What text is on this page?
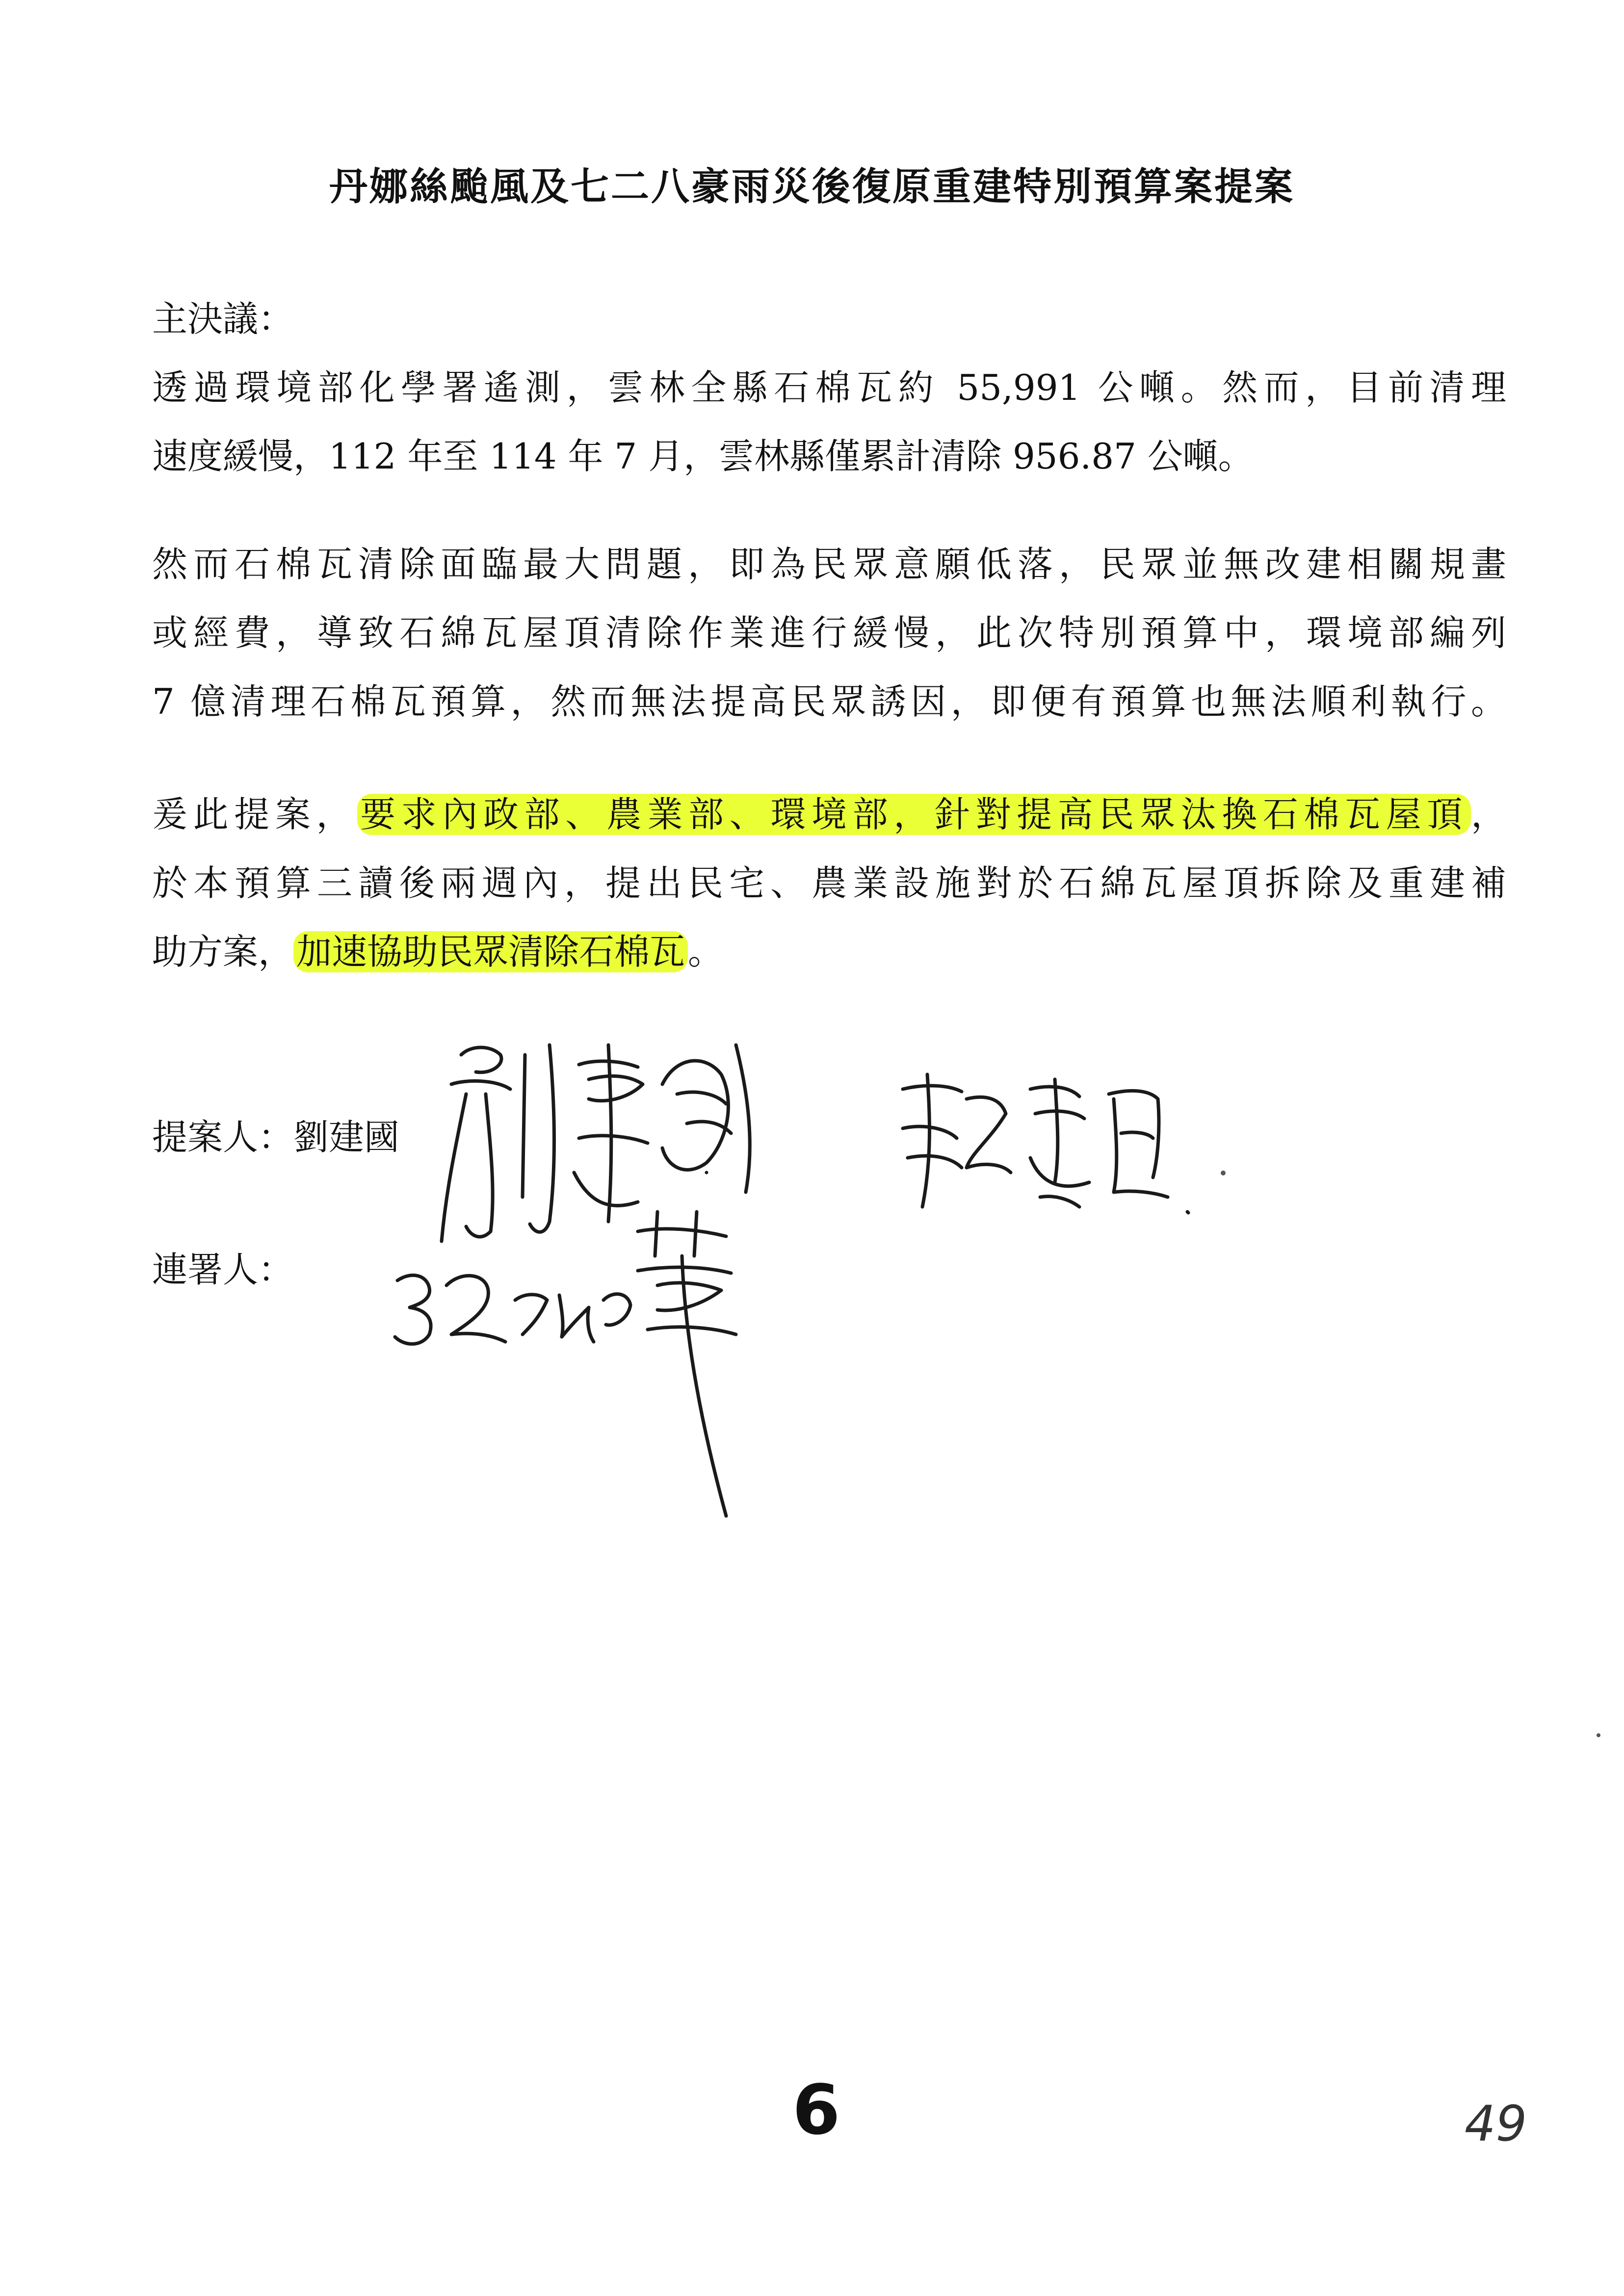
丹娜絲颱風及七二八豪雨災後復原重建特別預算案提案
主決議：
透過環境部化學署遙測，雲林全縣石棉瓦約 55,991 公噸。然而，目前清理
速度緩慢，112 年至 114 年 7 月，雲林縣僅累計清除 956.87 公噸。
然而石棉瓦清除面臨最大問題，即為民眾意願低落，民眾並無改建相關規畫
或經費，導致石綿瓦屋頂清除作業進行緩慢，此次特別預算中，環境部編列
7 億清理石棉瓦預算，然而無法提高民眾誘因，即便有預算也無法順利執行。
爰此提案，要求內政部、農業部、環境部，針對提高民眾汰換石棉瓦屋頂，
於本預算三讀後兩週內，提出民宅、農業設施對於石綿瓦屋頂拆除及重建補
助方案，加速協助民眾清除石棉瓦。
提案人：劉建國
連署人：
6	49
